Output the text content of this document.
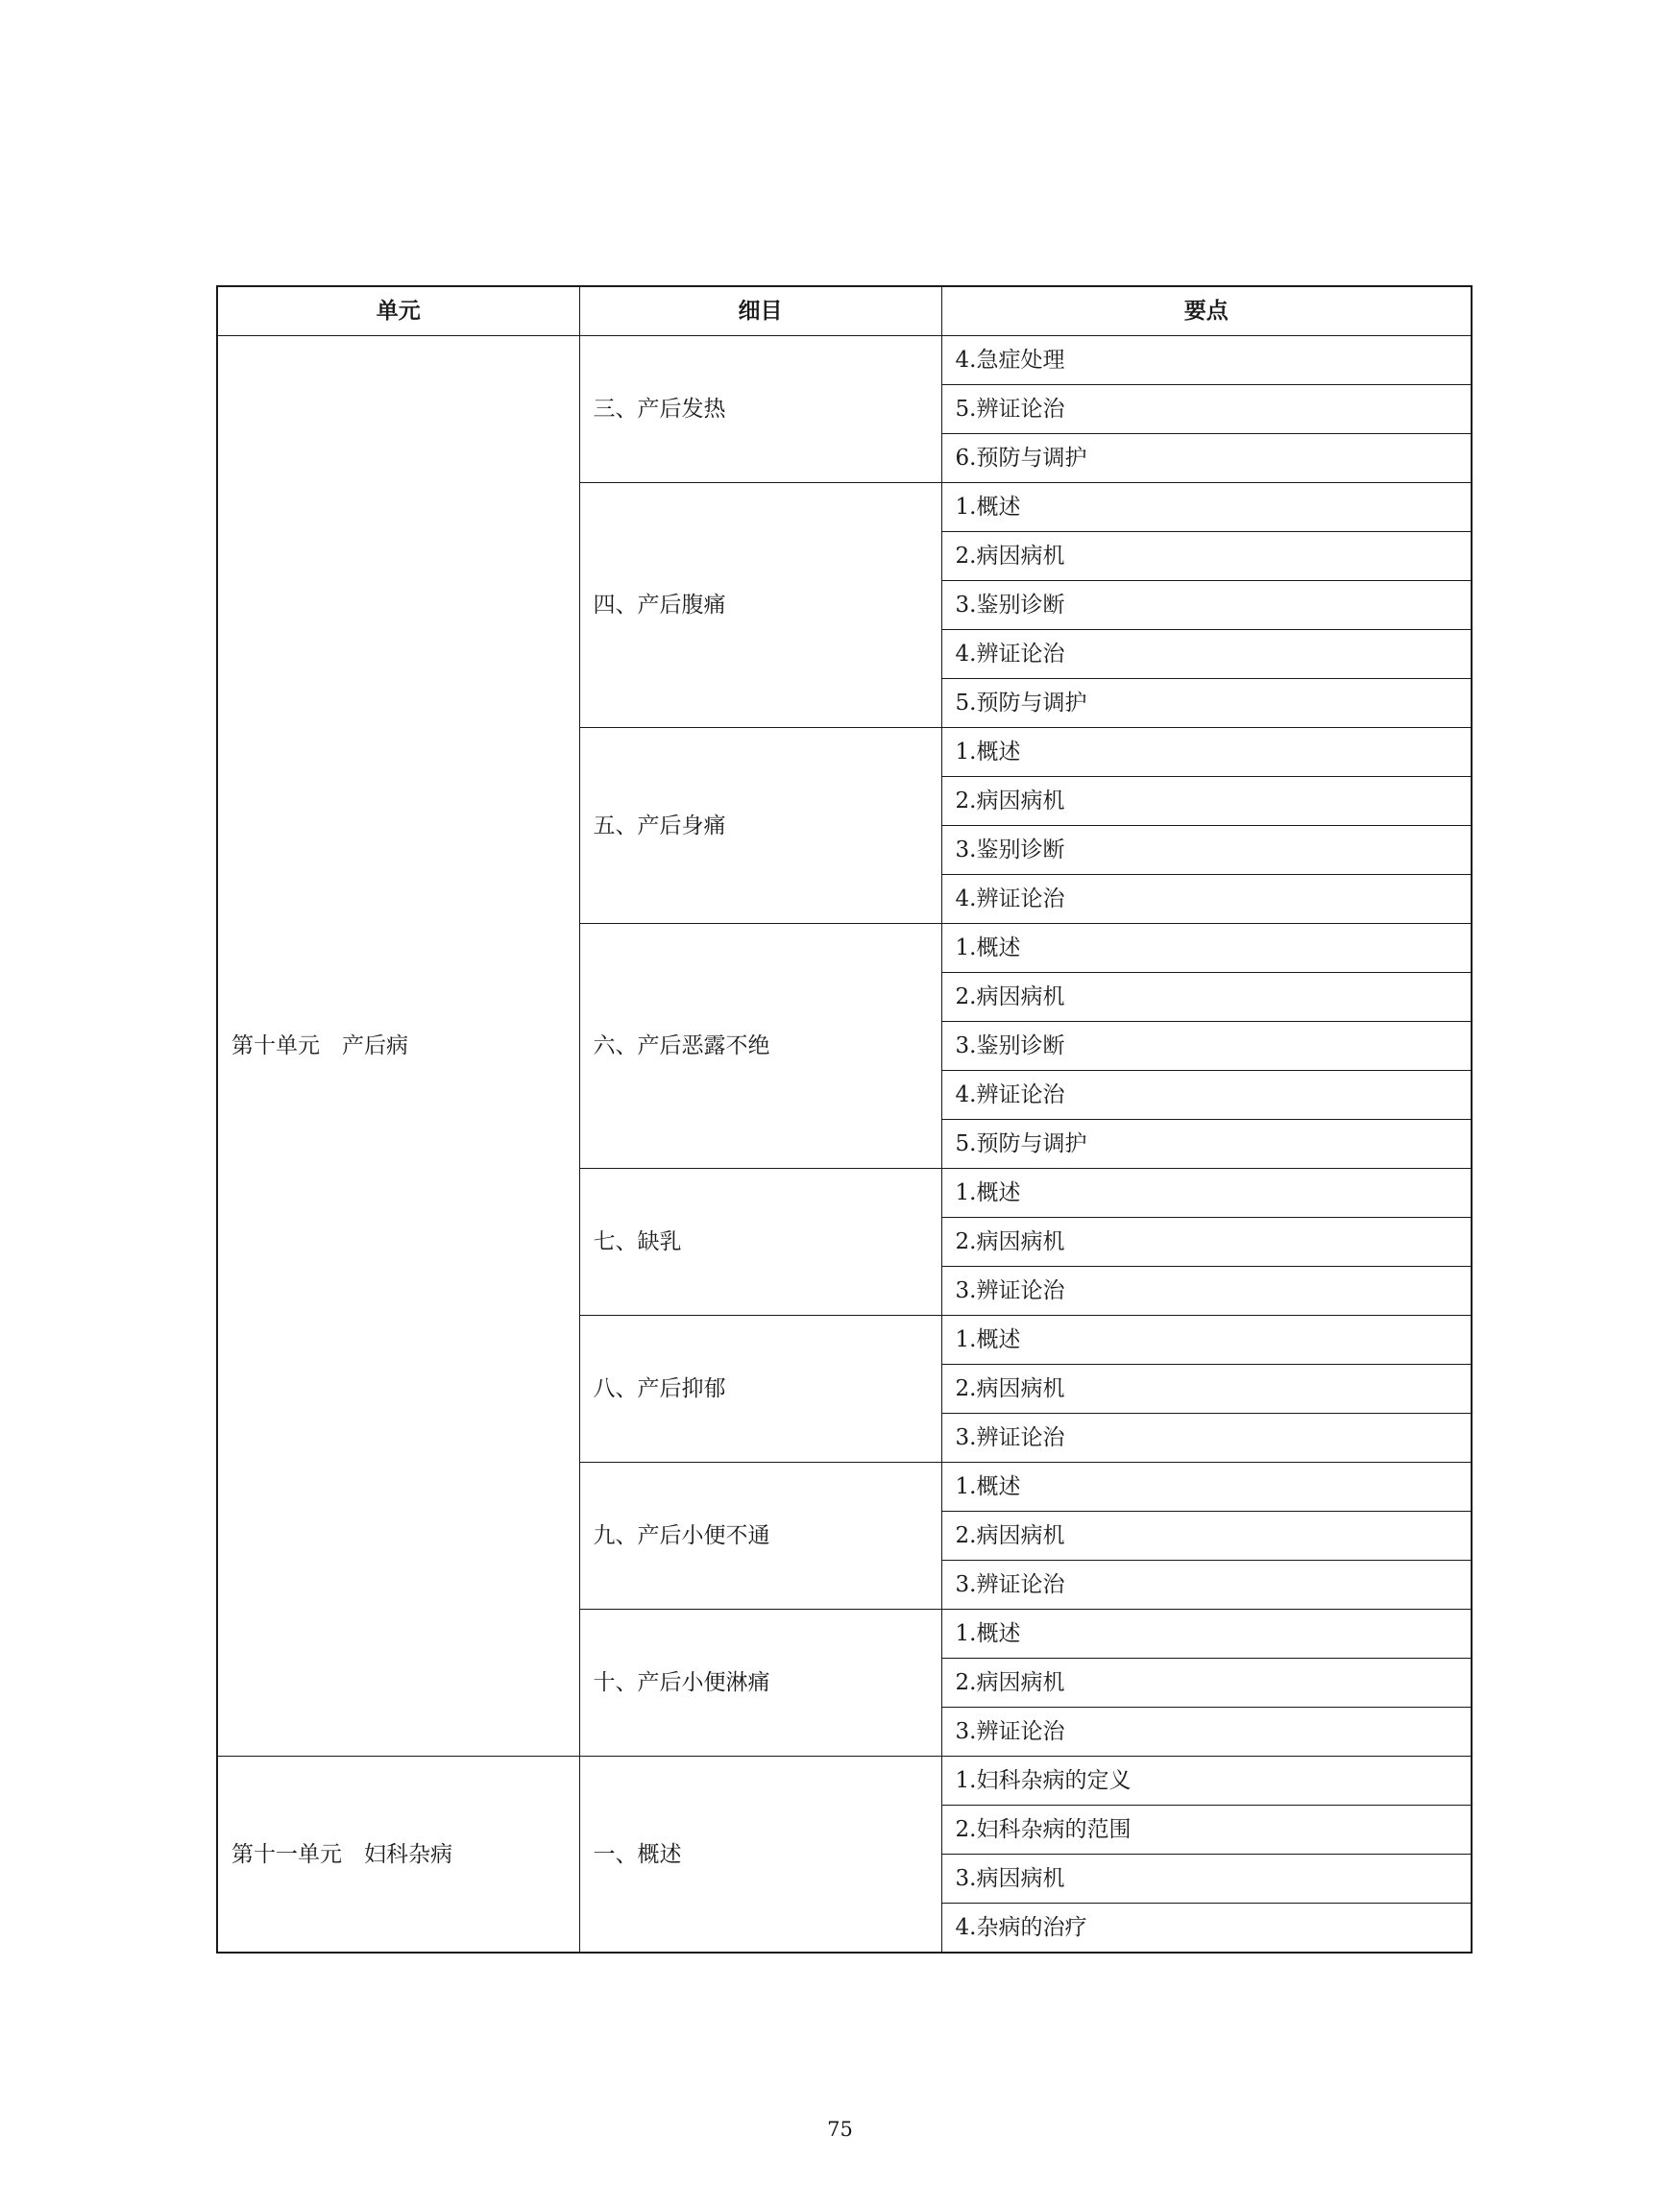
单元	细目	要点
第十单元　产后病	三、产后发热	4.急症处理
		5.辨证论治
		6.预防与调护
	四、产后腹痛	1.概述
		2.病因病机
		3.鉴别诊断
		4.辨证论治
		5.预防与调护
	五、产后身痛	1.概述
		2.病因病机
		3.鉴别诊断
		4.辨证论治
	六、产后恶露不绝	1.概述
		2.病因病机
		3.鉴别诊断
		4.辨证论治
		5.预防与调护
	七、缺乳	1.概述
		2.病因病机
		3.辨证论治
	八、产后抑郁	1.概述
		2.病因病机
		3.辨证论治
	九、产后小便不通	1.概述
		2.病因病机
		3.辨证论治
	十、产后小便淋痛	1.概述
		2.病因病机
		3.辨证论治
第十一单元　妇科杂病	一、概述	1.妇科杂病的定义
		2.妇科杂病的范围
		3.病因病机
		4.杂病的治疗
75
